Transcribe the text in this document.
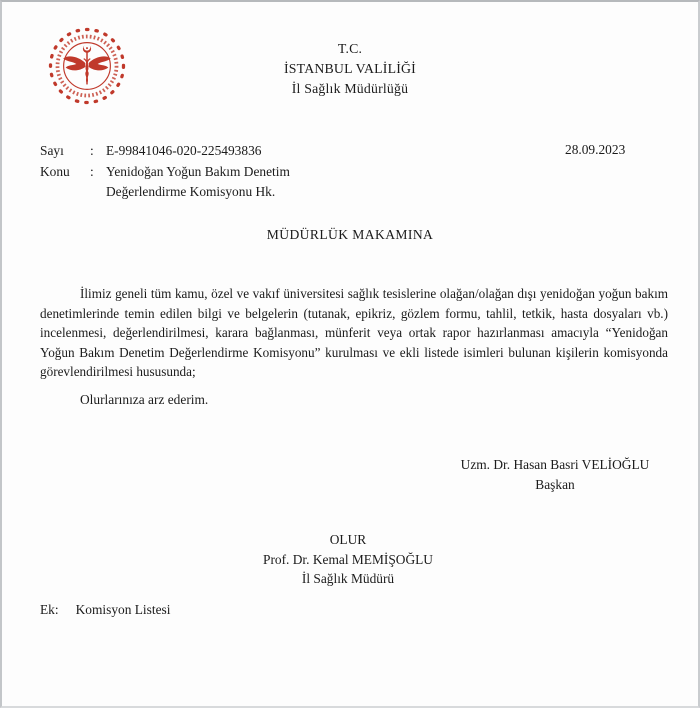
T.C.
İSTANBUL VALİLİĞİ
İl Sağlık Müdürlüğü
Sayı	: E-99841046-020-225493836
Konu	: Yenidoğan Yoğun Bakım Denetim
Değerlendirme Komisyonu Hk.
28.09.2023
MÜDÜRLÜK MAKAMINA

İlimiz geneli tüm kamu, özel ve vakıf üniversitesi sağlık tesislerine olağan/olağan dışı yenidoğan yoğun bakım denetimlerinde temin edilen bilgi ve belgelerin (tutanak, epikriz, gözlem formu, tahlil, tetkik, hasta dosyaları vb.) incelenmesi, değerlendirilmesi, karara bağlanması, münferit veya ortak rapor hazırlanması amacıyla “Yenidoğan Yoğun Bakım Denetim Değerlendirme Komisyonu” kurulması ve ekli listede isimleri bulunan kişilerin komisyonda görevlendirilmesi hususunda;

Olurlarınıza arz ederim.
Uzm. Dr. Hasan Basri VELİOĞLU
Başkan
OLUR
Prof. Dr. Kemal MEMİŞOĞLU
İl Sağlık Müdürü
Ek: Komisyon Listesi
